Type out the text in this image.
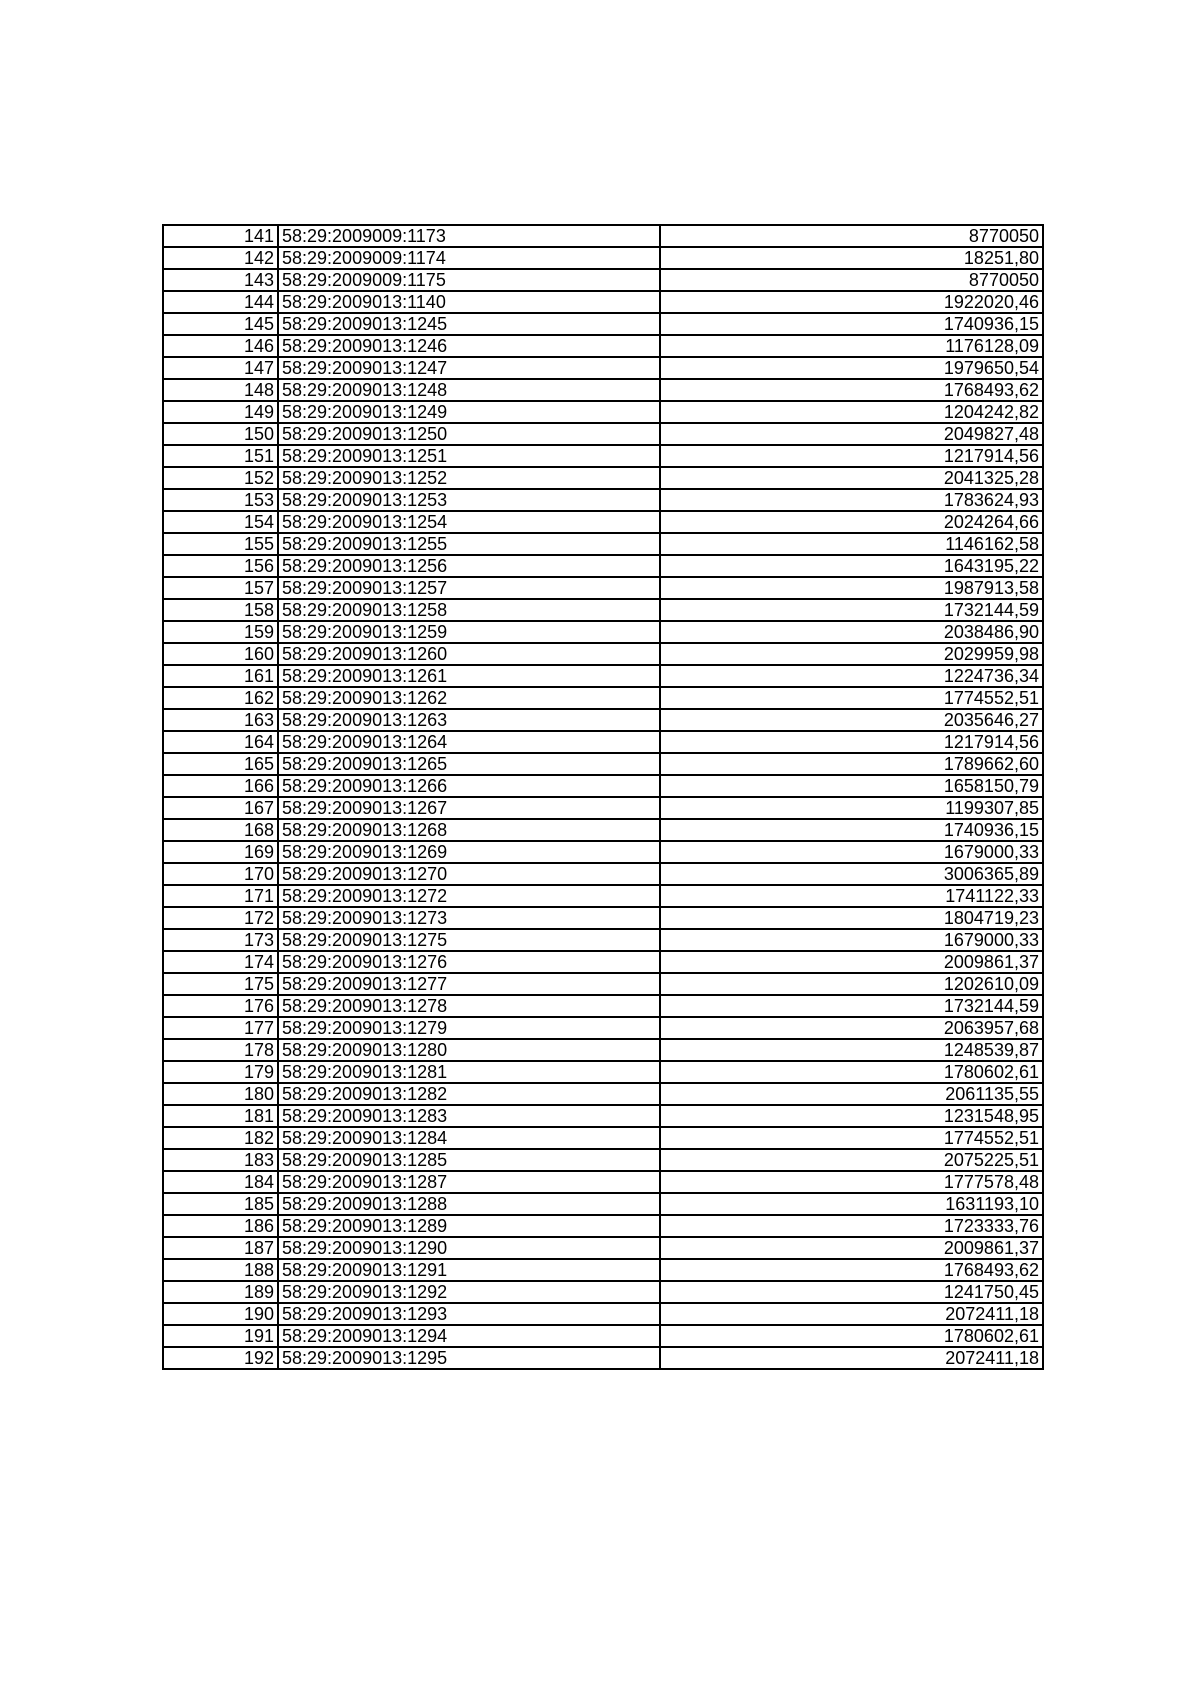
141	58:29:2009009:1173	8770050
142	58:29:2009009:1174	18251,80
143	58:29:2009009:1175	8770050
144	58:29:2009013:1140	1922020,46
145	58:29:2009013:1245	1740936,15
146	58:29:2009013:1246	1176128,09
147	58:29:2009013:1247	1979650,54
148	58:29:2009013:1248	1768493,62
149	58:29:2009013:1249	1204242,82
150	58:29:2009013:1250	2049827,48
151	58:29:2009013:1251	1217914,56
152	58:29:2009013:1252	2041325,28
153	58:29:2009013:1253	1783624,93
154	58:29:2009013:1254	2024264,66
155	58:29:2009013:1255	1146162,58
156	58:29:2009013:1256	1643195,22
157	58:29:2009013:1257	1987913,58
158	58:29:2009013:1258	1732144,59
159	58:29:2009013:1259	2038486,90
160	58:29:2009013:1260	2029959,98
161	58:29:2009013:1261	1224736,34
162	58:29:2009013:1262	1774552,51
163	58:29:2009013:1263	2035646,27
164	58:29:2009013:1264	1217914,56
165	58:29:2009013:1265	1789662,60
166	58:29:2009013:1266	1658150,79
167	58:29:2009013:1267	1199307,85
168	58:29:2009013:1268	1740936,15
169	58:29:2009013:1269	1679000,33
170	58:29:2009013:1270	3006365,89
171	58:29:2009013:1272	1741122,33
172	58:29:2009013:1273	1804719,23
173	58:29:2009013:1275	1679000,33
174	58:29:2009013:1276	2009861,37
175	58:29:2009013:1277	1202610,09
176	58:29:2009013:1278	1732144,59
177	58:29:2009013:1279	2063957,68
178	58:29:2009013:1280	1248539,87
179	58:29:2009013:1281	1780602,61
180	58:29:2009013:1282	2061135,55
181	58:29:2009013:1283	1231548,95
182	58:29:2009013:1284	1774552,51
183	58:29:2009013:1285	2075225,51
184	58:29:2009013:1287	1777578,48
185	58:29:2009013:1288	1631193,10
186	58:29:2009013:1289	1723333,76
187	58:29:2009013:1290	2009861,37
188	58:29:2009013:1291	1768493,62
189	58:29:2009013:1292	1241750,45
190	58:29:2009013:1293	2072411,18
191	58:29:2009013:1294	1780602,61
192	58:29:2009013:1295	2072411,18
